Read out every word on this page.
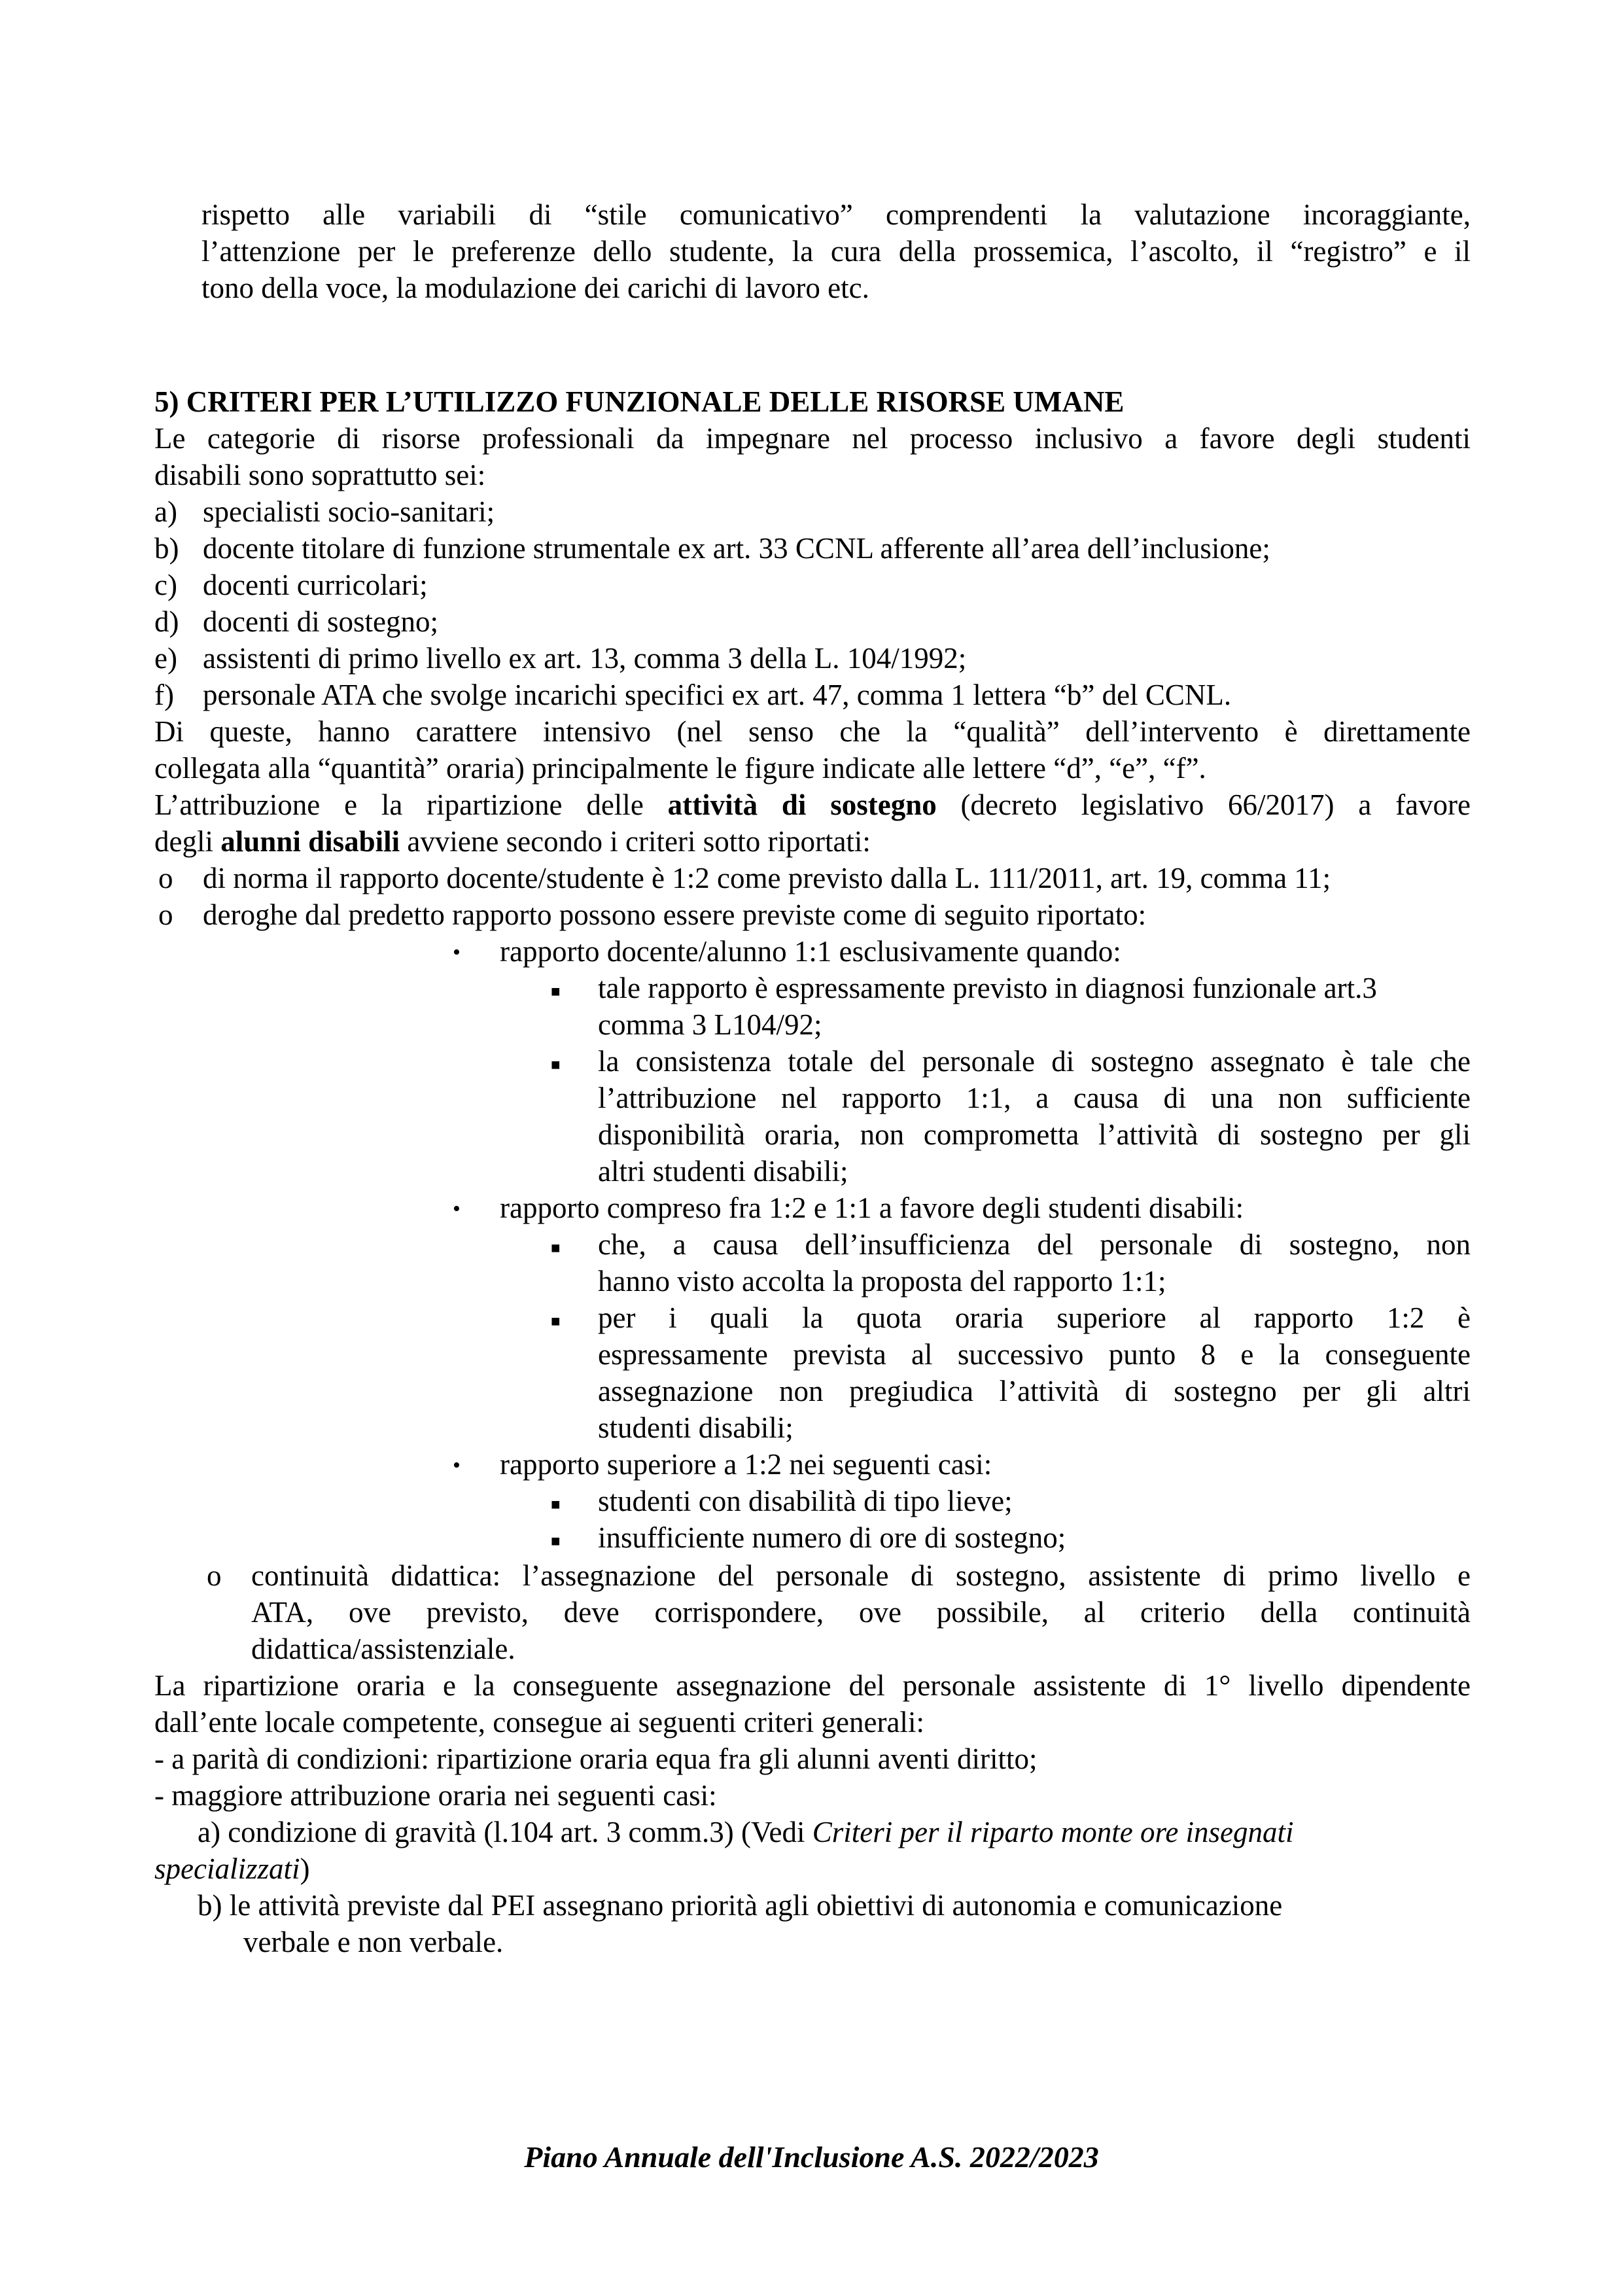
rispetto alle variabili di “stile comunicativo” comprendenti la valutazione incoraggiante,
l’attenzione per le preferenze dello studente, la cura della prossemica, l’ascolto, il “registro” e il
tono della voce, la modulazione dei carichi di lavoro etc.
5) CRITERI PER L’UTILIZZO FUNZIONALE DELLE RISORSE UMANE
Le categorie di risorse professionali da impegnare nel processo inclusivo a favore degli studenti
disabili sono soprattutto sei:
a) specialisti socio-sanitari;
b) docente titolare di funzione strumentale ex art. 33 CCNL afferente all’area dell’inclusione;
c) docenti curricolari;
d) docenti di sostegno;
e) assistenti di primo livello ex art. 13, comma 3 della L. 104/1992;
f) personale ATA che svolge incarichi specifici ex art. 47, comma 1 lettera “b” del CCNL.
Di queste, hanno carattere intensivo (nel senso che la “qualità” dell’intervento è direttamente
collegata alla “quantità” oraria) principalmente le figure indicate alle lettere “d”, “e”, “f”.
L’attribuzione e la ripartizione delle attività di sostegno (decreto legislativo 66/2017) a favore
degli alunni disabili avviene secondo i criteri sotto riportati:
o di norma il rapporto docente/studente è 1:2 come previsto dalla L. 111/2011, art. 19, comma 11;
o deroghe dal predetto rapporto possono essere previste come di seguito riportato:
• rapporto docente/alunno 1:1 esclusivamente quando:
■ tale rapporto è espressamente previsto in diagnosi funzionale art.3
comma 3 L104/92;
■ la consistenza totale del personale di sostegno assegnato è tale che
l’attribuzione nel rapporto 1:1, a causa di una non sufficiente
disponibilità oraria, non comprometta l’attività di sostegno per gli
altri studenti disabili;
• rapporto compreso fra 1:2 e 1:1 a favore degli studenti disabili:
■ che, a causa dell’insufficienza del personale di sostegno, non
hanno visto accolta la proposta del rapporto 1:1;
■ per i quali la quota oraria superiore al rapporto 1:2 è
espressamente prevista al successivo punto 8 e la conseguente
assegnazione non pregiudica l’attività di sostegno per gli altri
studenti disabili;
• rapporto superiore a 1:2 nei seguenti casi:
■ studenti con disabilità di tipo lieve;
■ insufficiente numero di ore di sostegno;
o continuità didattica: l’assegnazione del personale di sostegno, assistente di primo livello e
ATA, ove previsto, deve corrispondere, ove possibile, al criterio della continuità
didattica/assistenziale.
La ripartizione oraria e la conseguente assegnazione del personale assistente di 1° livello dipendente
dall’ente locale competente, consegue ai seguenti criteri generali:
- a parità di condizioni: ripartizione oraria equa fra gli alunni aventi diritto;
- maggiore attribuzione oraria nei seguenti casi:
a) condizione di gravità (l.104 art. 3 comm.3) (Vedi Criteri per il riparto monte ore insegnati
specializzati)
b) le attività previste dal PEI assegnano priorità agli obiettivi di autonomia e comunicazione
verbale e non verbale.
Piano Annuale dell'Inclusione A.S. 2022/2023
